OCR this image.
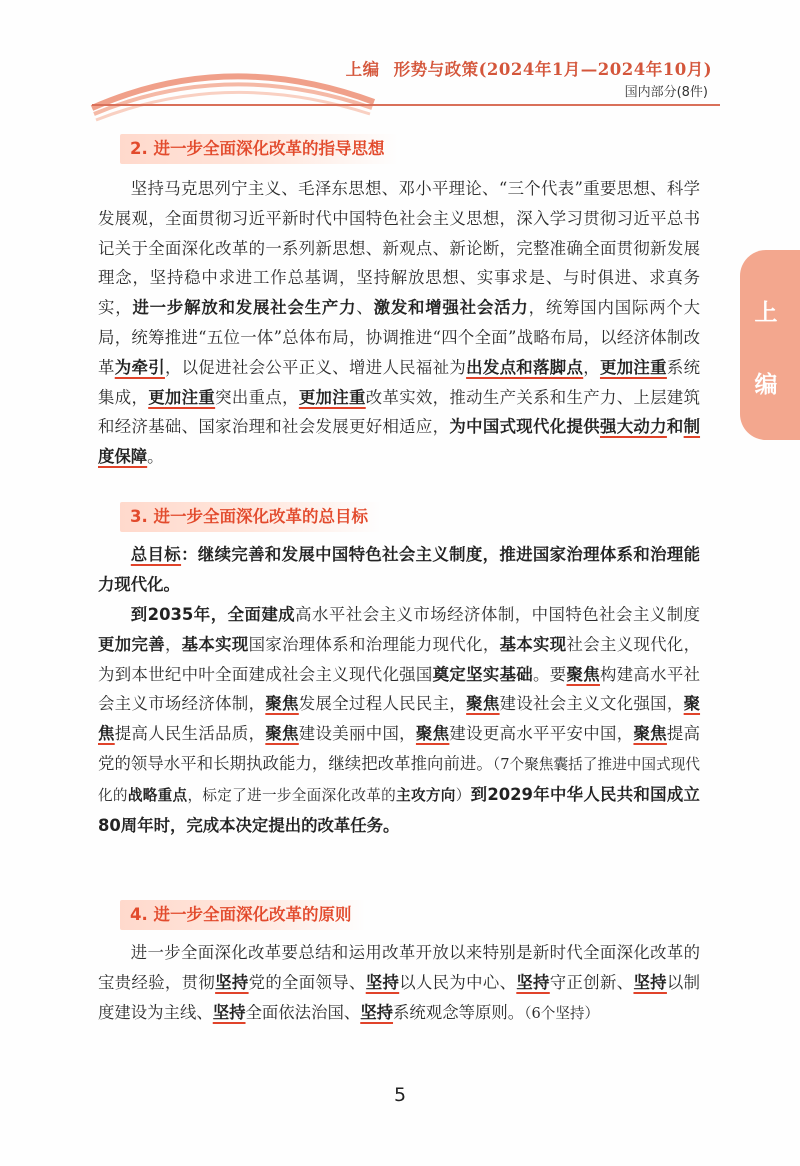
上编 形势与政策(2024年1月—2024年10月)
国内部分(8件)
上
编
2. 进一步全面深化改革的指导思想

坚持马克思列宁主义、毛泽东思想、邓小平理论、“三个代表”重要思想、科学发展观，全面贯彻习近平新时代中国特色社会主义思想，深入学习贯彻习近平总书记关于全面深化改革的一系列新思想、新观点、新论断，完整准确全面贯彻新发展理念，坚持稳中求进工作总基调，坚持解放思想、实事求是、与时俱进、求真务实，进一步解放和发展社会生产力、激发和增强社会活力，统筹国内国际两个大局，统筹推进“五位一体”总体布局，协调推进“四个全面”战略布局，以经济体制改革为牵引，以促进社会公平正义、增进人民福祉为出发点和落脚点，更加注重系统集成，更加注重突出重点，更加注重改革实效，推动生产关系和生产力、上层建筑和经济基础、国家治理和社会发展更好相适应，为中国式现代化提供强大动力和制度保障。

3. 进一步全面深化改革的总目标

总目标：继续完善和发展中国特色社会主义制度，推进国家治理体系和治理能力现代化。

到2035年，全面建成高水平社会主义市场经济体制，中国特色社会主义制度更加完善，基本实现国家治理体系和治理能力现代化，基本实现社会主义现代化，为到本世纪中叶全面建成社会主义现代化强国奠定坚实基础。要聚焦构建高水平社会主义市场经济体制，聚焦发展全过程人民民主，聚焦建设社会主义文化强国，聚焦提高人民生活品质，聚焦建设美丽中国，聚焦建设更高水平平安中国，聚焦提高党的领导水平和长期执政能力，继续把改革推向前进。（7个聚焦囊括了推进中国式现代化的战略重点，标定了进一步全面深化改革的主攻方向）到2029年中华人民共和国成立80周年时，完成本决定提出的改革任务。

4. 进一步全面深化改革的原则

进一步全面深化改革要总结和运用改革开放以来特别是新时代全面深化改革的宝贵经验，贯彻坚持党的全面领导、坚持以人民为中心、坚持守正创新、坚持以制度建设为主线、坚持全面依法治国、坚持系统观念等原则。（6个坚持）

5
